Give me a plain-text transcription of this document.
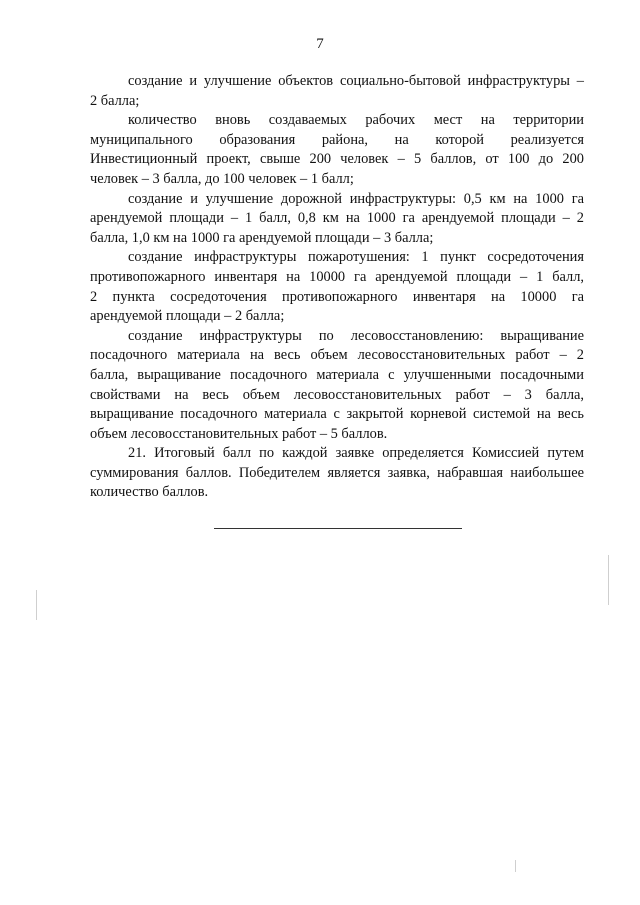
7

создание и улучшение объектов социально-бытовой инфраструктуры –
2 балла;

количество вновь создаваемых рабочих мест на территории
муниципального образования района, на которой реализуется
Инвестиционный проект, свыше 200 человек – 5 баллов, от 100 до 200
человек – 3 балла, до 100 человек – 1 балл;

создание и улучшение дорожной инфраструктуры: 0,5 км на 1000 га
арендуемой площади – 1 балл, 0,8 км на 1000 га арендуемой площади – 2
балла, 1,0 км на 1000 га арендуемой площади – 3 балла;

создание инфраструктуры пожаротушения: 1 пункт сосредоточения
противопожарного инвентаря на 10000 га арендуемой площади – 1 балл,
2 пункта сосредоточения противопожарного инвентаря на 10000 га
арендуемой площади – 2 балла;

создание инфраструктуры по лесовосстановлению: выращивание
посадочного материала на весь объем лесовосстановительных работ – 2
балла, выращивание посадочного материала с улучшенными посадочными
свойствами на весь объем лесовосстановительных работ – 3 балла,
выращивание посадочного материала с закрытой корневой системой на весь
объем лесовосстановительных работ – 5 баллов.

21. Итоговый балл по каждой заявке определяется Комиссией путем
суммирования баллов. Победителем является заявка, набравшая наибольшее
количество баллов.
